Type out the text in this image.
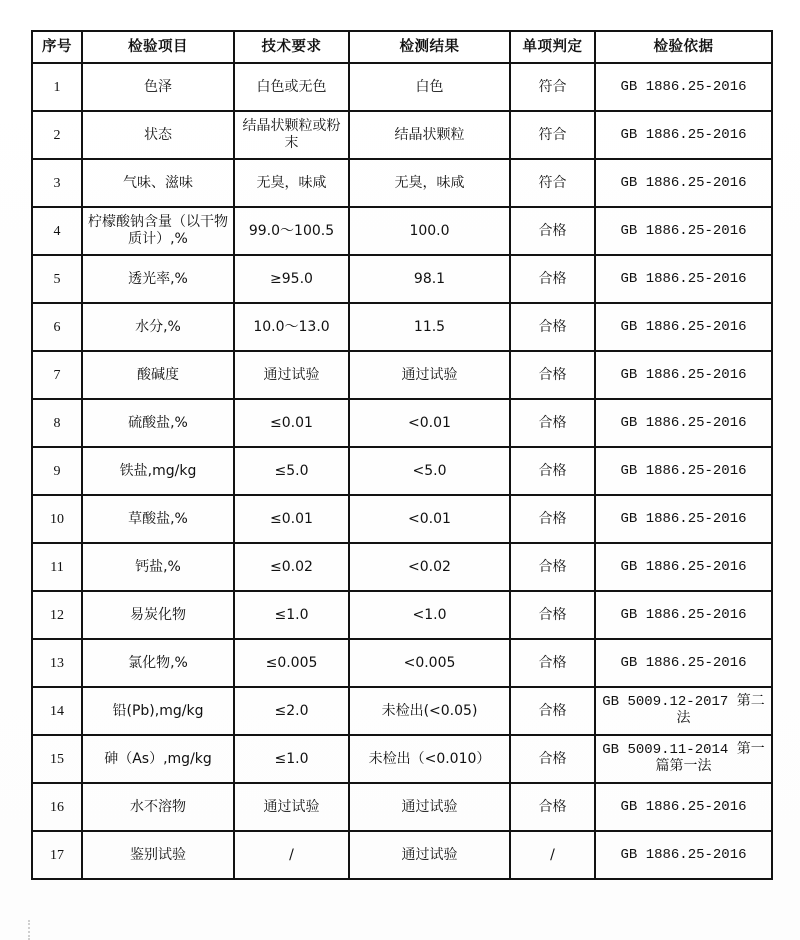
序号	检验项目	技术要求	检测结果	单项判定	检验依据
1	色泽	白色或无色	白色	符合	GB 1886.25-2016
2	状态	结晶状颗粒或粉末	结晶状颗粒	符合	GB 1886.25-2016
3	气味、滋味	无臭，味咸	无臭，味咸	符合	GB 1886.25-2016
4	柠檬酸钠含量（以干物质计）,%	99.0～100.5	100.0	合格	GB 1886.25-2016
5	透光率,%	≥95.0	98.1	合格	GB 1886.25-2016
6	水分,%	10.0～13.0	11.5	合格	GB 1886.25-2016
7	酸碱度	通过试验	通过试验	合格	GB 1886.25-2016
8	硫酸盐,%	≤0.01	<0.01	合格	GB 1886.25-2016
9	铁盐,mg/kg	≤5.0	<5.0	合格	GB 1886.25-2016
10	草酸盐,%	≤0.01	<0.01	合格	GB 1886.25-2016
11	钙盐,%	≤0.02	<0.02	合格	GB 1886.25-2016
12	易炭化物	≤1.0	<1.0	合格	GB 1886.25-2016
13	氯化物,%	≤0.005	<0.005	合格	GB 1886.25-2016
14	铅(Pb),mg/kg	≤2.0	未检出(<0.05)	合格	GB 5009.12-2017 第二法
15	砷（As）,mg/kg	≤1.0	未检出（<0.010）	合格	GB 5009.11-2014 第一篇第一法
16	水不溶物	通过试验	通过试验	合格	GB 1886.25-2016
17	鉴别试验	/	通过试验	/	GB 1886.25-2016
